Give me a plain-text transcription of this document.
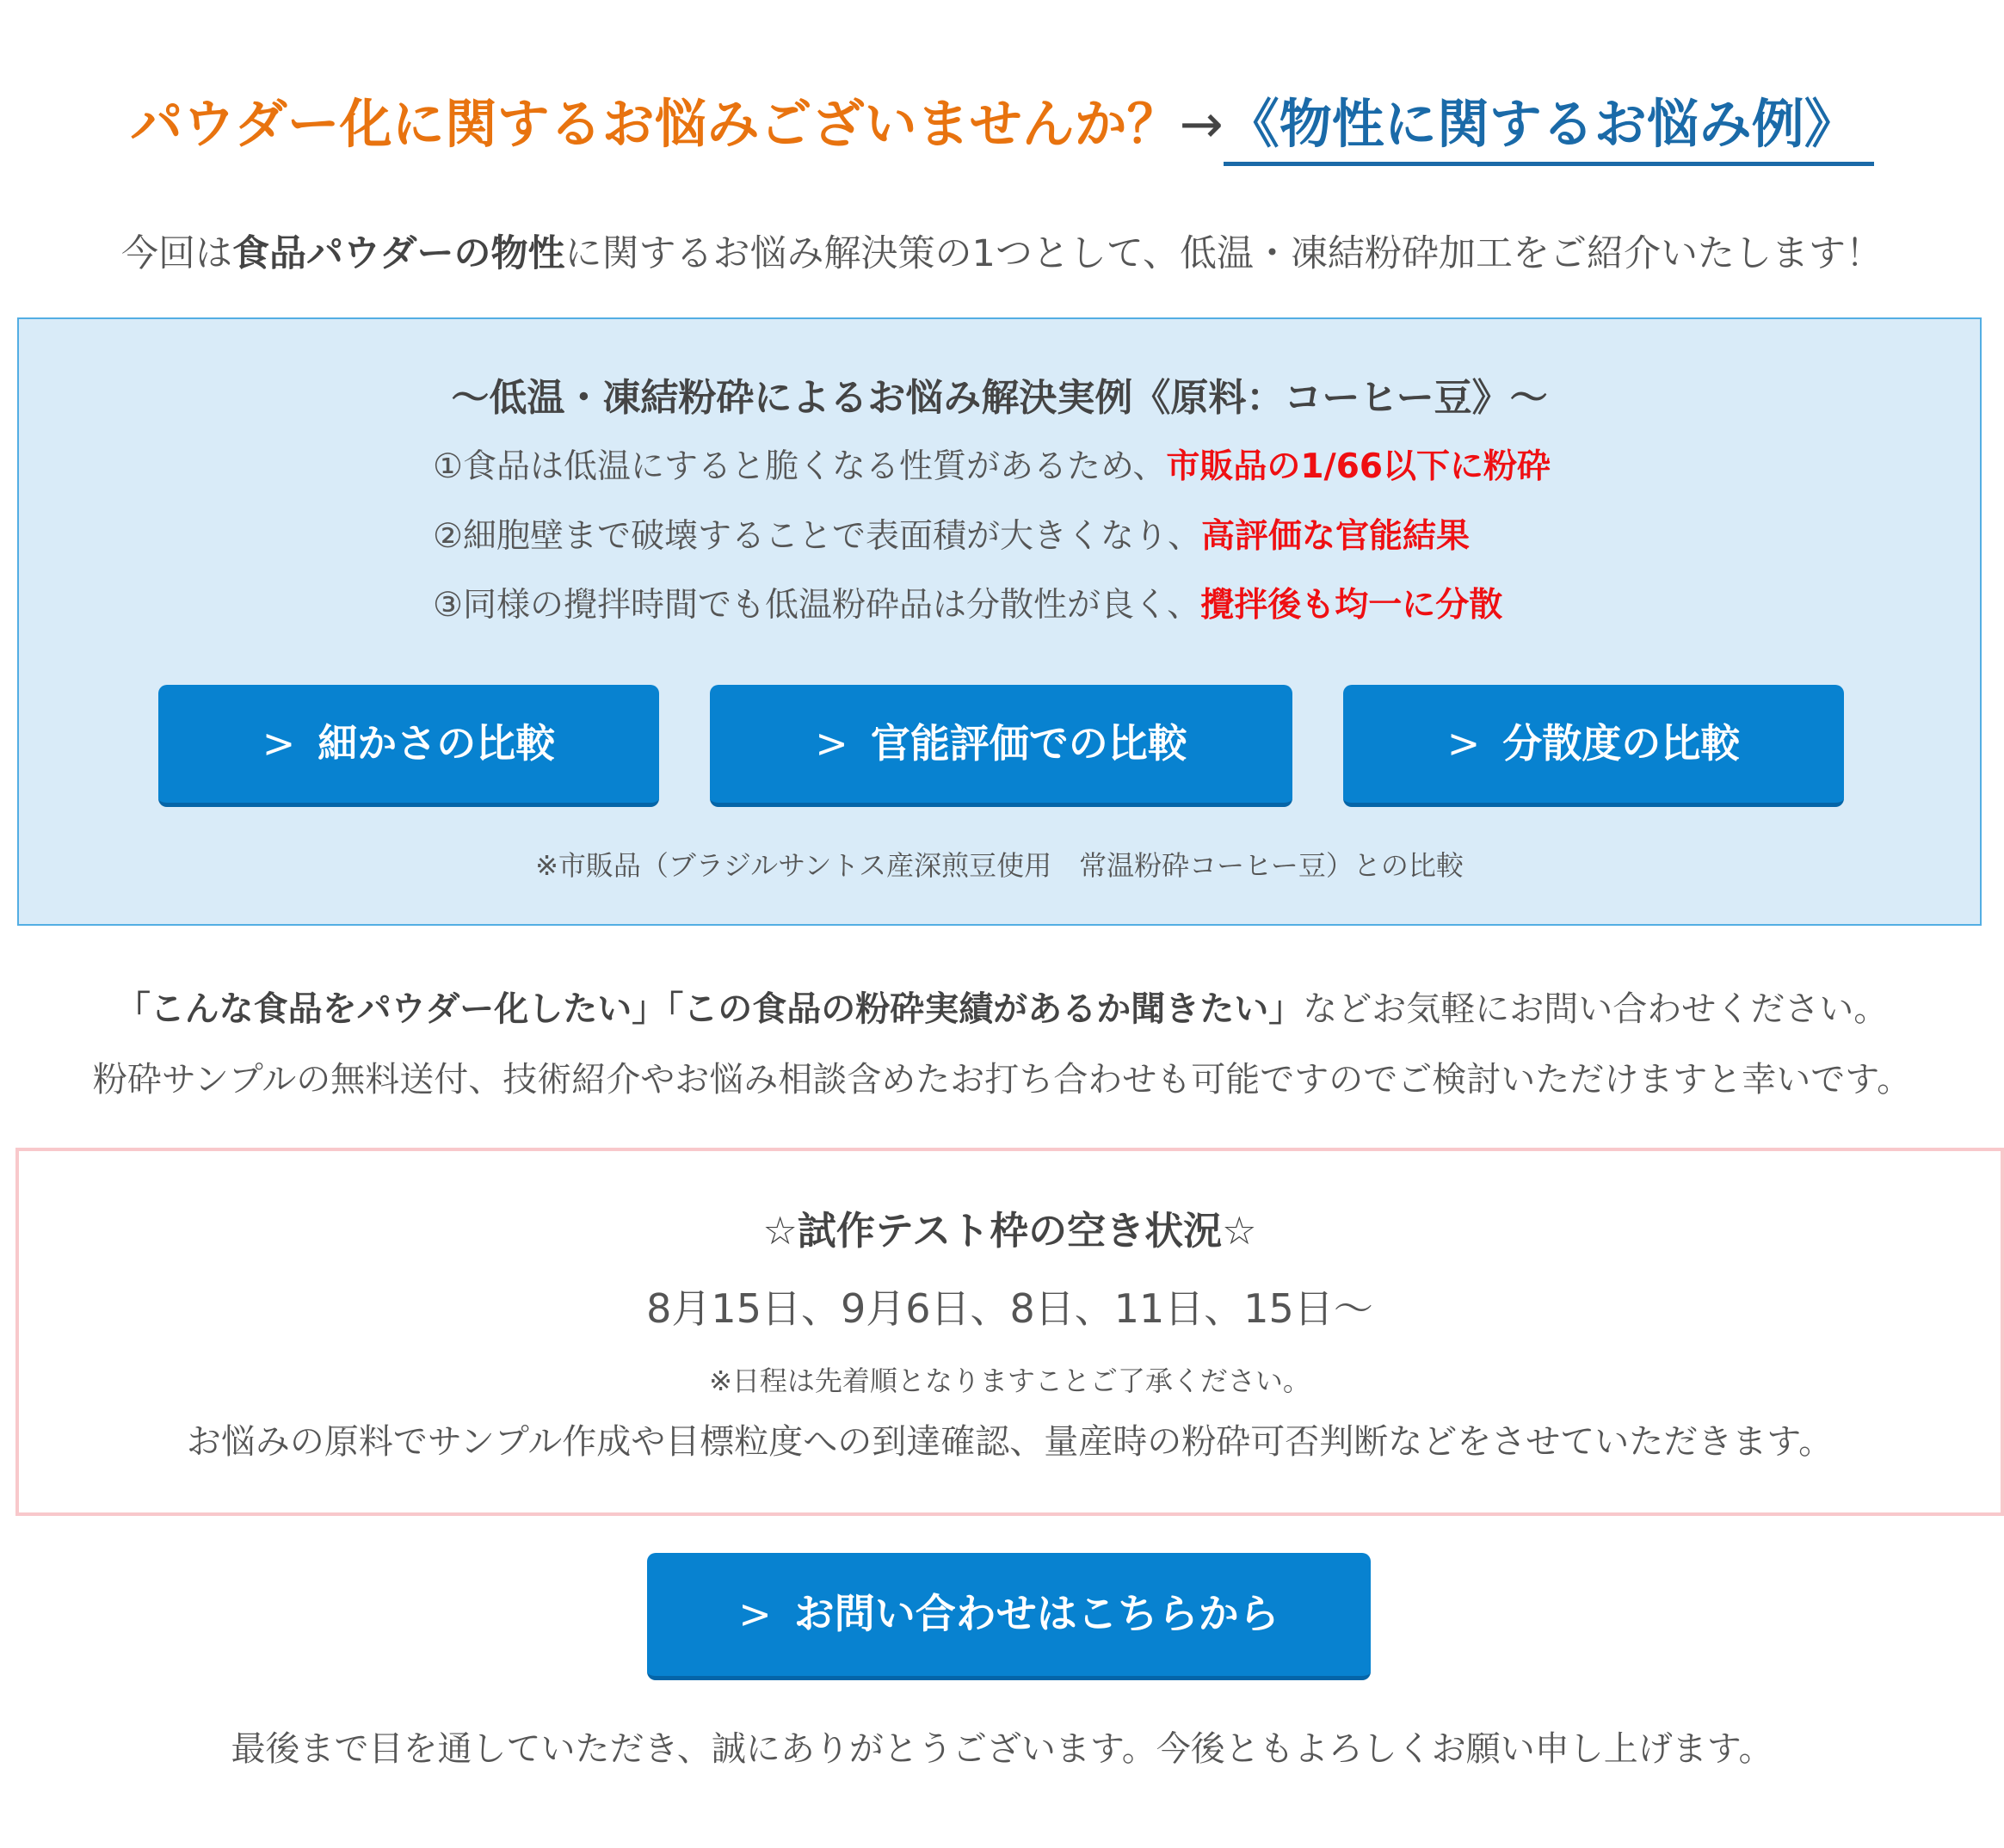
パウダー化に関するお悩みございませんか？→《物性に関するお悩み例》
今回は食品パウダーの物性に関するお悩み解決策の1つとして、低温・凍結粉砕加工をご紹介いたします！
～低温・凍結粉砕によるお悩み解決実例《原料：コーヒー豆》～
①食品は低温にすると脆くなる性質があるため、市販品の1/66以下に粉砕
②細胞壁まで破壊することで表面積が大きくなり、高評価な官能結果
③同様の攪拌時間でも低温粉砕品は分散性が良く、攪拌後も均一に分散
> 細かさの比較	> 官能評価での比較	> 分散度の比較
※市販品（ブラジルサントス産深煎豆使用　常温粉砕コーヒー豆）との比較
「こんな食品をパウダー化したい」「この食品の粉砕実績があるか聞きたい」などお気軽にお問い合わせください。
粉砕サンプルの無料送付、技術紹介やお悩み相談含めたお打ち合わせも可能ですのでご検討いただけますと幸いです。
☆試作テスト枠の空き状況☆
8月15日、9月6日、8日、11日、15日～
※日程は先着順となりますことご了承ください。
お悩みの原料でサンプル作成や目標粒度への到達確認、量産時の粉砕可否判断などをさせていただきます。
> お問い合わせはこちらから
最後まで目を通していただき、誠にありがとうございます。今後ともよろしくお願い申し上げます。
